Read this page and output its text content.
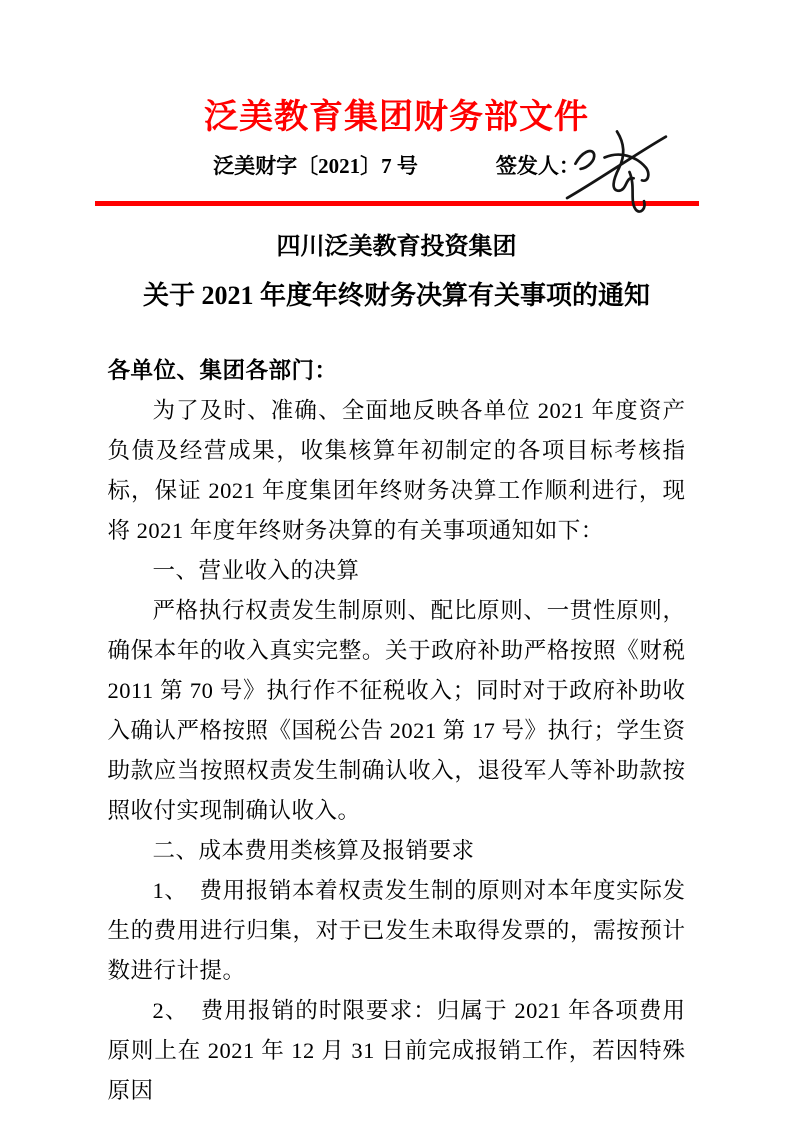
泛美教育集团财务部文件
泛美财字〔2021〕7 号	签发人：
四川泛美教育投资集团
关于 2021 年度年终财务决算有关事项的通知

各单位、集团各部门：

为了及时、准确、全面地反映各单位 2021 年度资产负债及经营成果，收集核算年初制定的各项目标考核指标，保证 2021 年度集团年终财务决算工作顺利进行，现将 2021 年度年终财务决算的有关事项通知如下：

一、营业收入的决算

严格执行权责发生制原则、配比原则、一贯性原则，确保本年的收入真实完整。关于政府补助严格按照《财税 2011 第 70 号》执行作不征税收入；同时对于政府补助收入确认严格按照《国税公告 2021 第 17 号》执行；学生资助款应当按照权责发生制确认收入，退役军人等补助款按照收付实现制确认收入。

二、成本费用类核算及报销要求

1、　费用报销本着权责发生制的原则对本年度实际发生的费用进行归集，对于已发生未取得发票的，需按预计数进行计提。

2、　费用报销的时限要求：归属于 2021 年各项费用原则上在 2021 年 12 月 31 日前完成报销工作，若因特殊原因
